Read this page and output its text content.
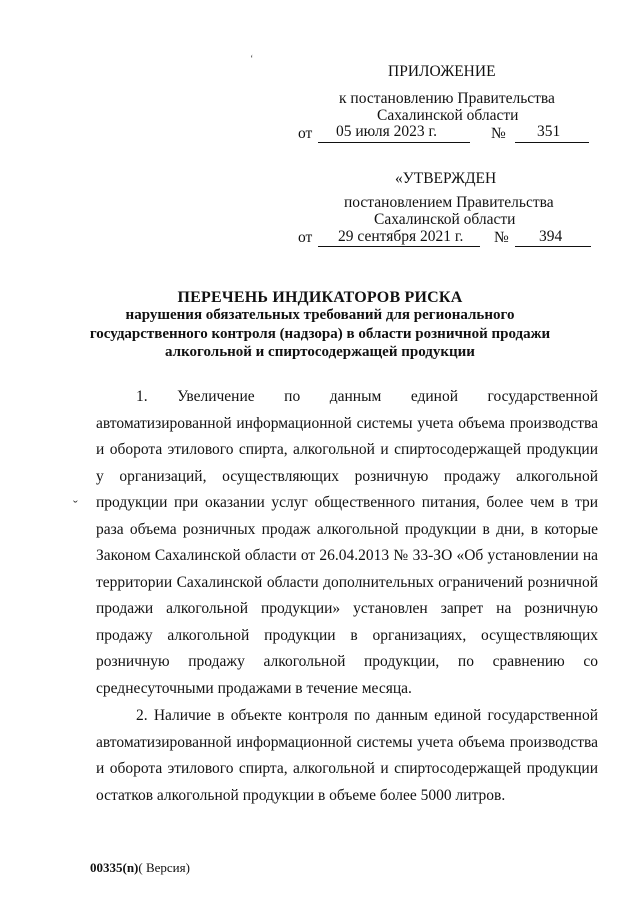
‘
ПРИЛОЖЕНИЕ
к постановлению Правительства
Сахалинской области
от 05 июля 2023 г.	№ 351
«УТВЕРЖДЕН
постановлением Правительства
Сахалинской области
от 29 сентября 2021 г. № 394
ПЕРЕЧЕНЬ ИНДИКАТОРОВ РИСКА
нарушения обязательных требований для регионального
государственного контроля (надзора) в области розничной продажи
алкогольной и спиртосодержащей продукции
1. Увеличение по данным единой государственной автоматизированной информационной системы учета объема производства и оборота этилового спирта, алкогольной и спиртосодержащей продукции у организаций, осуществляющих розничную продажу алкогольной продукции при оказании услуг общественного питания, более чем в три раза объема розничных продаж алкогольной продукции в дни, в которые Законом Сахалинской области от 26.04.2013 № 33-ЗО «Об установлении на территории Сахалинской области дополнительных ограничений розничной продажи алкогольной продукции» установлен запрет на розничную продажу алкогольной продукции в организациях, осуществляющих розничную продажу алкогольной продукции, по сравнению со среднесуточными продажами в течение месяца.
2. Наличие в объекте контроля по данным единой государственной автоматизированной информационной системы учета объема производства и оборота этилового спирта, алкогольной и спиртосодержащей продукции остатков алкогольной продукции в объеме более 5000 литров.
ˇ
00335(n)( Версия)
